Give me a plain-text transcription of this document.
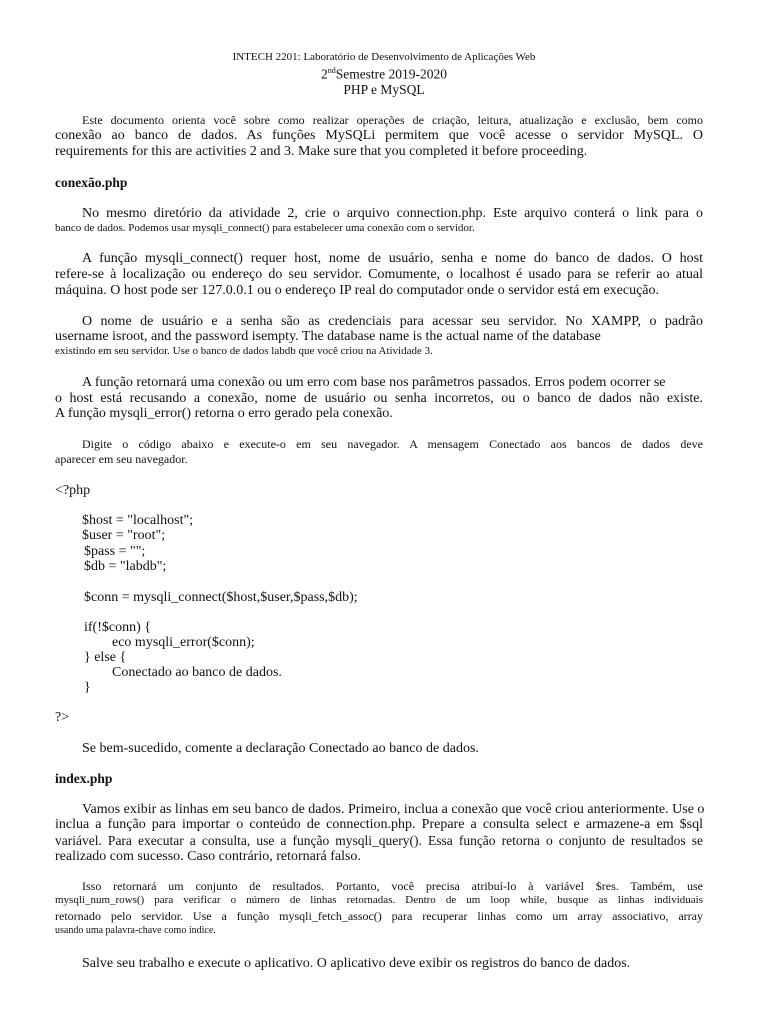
INTECH 2201: Laboratório de Desenvolvimento de Aplicações Web
2ndSemestre 2019-2020
PHP e MySQL
Este documento orienta você sobre como realizar operações de criação, leitura, atualização e exclusão, bem como
conexão ao banco de dados. As funções MySQLi permitem que você acesse o servidor MySQL. O
requirements for this are activities 2 and 3. Make sure that you completed it before proceeding.
conexão.php
No mesmo diretório da atividade 2, crie o arquivo connection.php. Este arquivo conterá o link para o
banco de dados. Podemos usar mysqli_connect() para estabelecer uma conexão com o servidor.
A função mysqli_connect() requer host, nome de usuário, senha e nome do banco de dados. O host
refere-se à localização ou endereço do seu servidor. Comumente, o localhost é usado para se referir ao atual
máquina. O host pode ser 127.0.0.1 ou o endereço IP real do computador onde o servidor está em execução.
O nome de usuário e a senha são as credenciais para acessar seu servidor. No XAMPP, o padrão
username isroot, and the password isempty. The database name is the actual name of the database
existindo em seu servidor. Use o banco de dados labdb que você criou na Atividade 3.
A função retornará uma conexão ou um erro com base nos parâmetros passados. Erros podem ocorrer se
o host está recusando a conexão, nome de usuário ou senha incorretos, ou o banco de dados não existe.
A função mysqli_error() retorna o erro gerado pela conexão.
Digite o código abaixo e execute-o em seu navegador. A mensagem Conectado aos bancos de dados deve
aparecer em seu navegador.
<?php
$host = "localhost";
$user = "root";
$pass = "";
$db = "labdb";
$conn = mysqli_connect($host,$user,$pass,$db);
if(!$conn) {
eco mysqli_error($conn);
} else {
Conectado ao banco de dados.
}
?>
Se bem-sucedido, comente a declaração Conectado ao banco de dados.
index.php
Vamos exibir as linhas em seu banco de dados. Primeiro, inclua a conexão que você criou anteriormente. Use o
inclua a função para importar o conteúdo de connection.php. Prepare a consulta select e armazene-a em $sql
variável. Para executar a consulta, use a função mysqli_query(). Essa função retorna o conjunto de resultados se
realizado com sucesso. Caso contrário, retornará falso.
Isso retornará um conjunto de resultados. Portanto, você precisa atribuí-lo à variável $res. Também, use
mysqli_num_rows() para verificar o número de linhas retornadas. Dentro de um loop while, busque as linhas individuais
retornado pelo servidor. Use a função mysqli_fetch_assoc() para recuperar linhas como um array associativo, array
usando uma palavra-chave como índice.
Salve seu trabalho e execute o aplicativo. O aplicativo deve exibir os registros do banco de dados.
